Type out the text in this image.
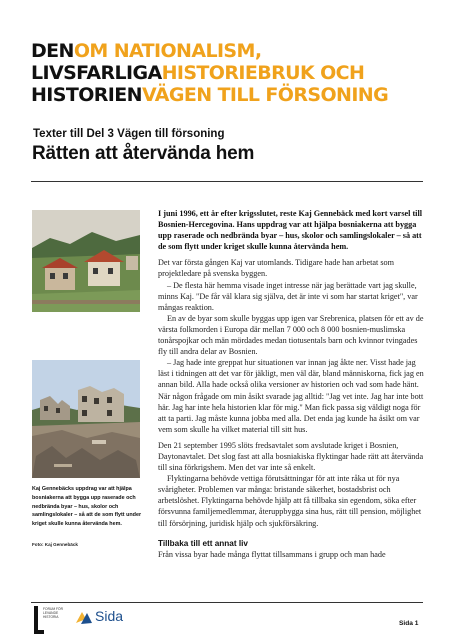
DENOM NATIONALISM,
LIVSFARLIGAHISTORIEBRUK OCH
HISTORIENVÄGEN TILL FÖRSONING
Texter till Del 3 Vägen till försoning
Rätten att återvända hem
Kaj Gennebäcks uppdrag var att hjälpa bosniakerna att bygga upp raserade och nedbrända byar – hus, skolor och samlingslokaler – så att de som flytt under kriget skulle kunna återvända hem.
Foto: Kaj Gennebäck

I juni 1996, ett år efter krigsslutet, reste Kaj Gennebäck med kort varsel till Bosnien-Hercegovina. Hans uppdrag var att hjälpa bosniakerna att bygga upp raserade och nedbrända byar – hus, skolor och samlingslokaler – så att de som flytt under kriget skulle kunna återvända hem.

Det var första gången Kaj var utomlands. Tidigare hade han arbetat som projektledare på svenska byggen.

– De flesta här hemma visade inget intresse när jag berättade vart jag skulle, minns Kaj. "De får väl klara sig själva, det är inte vi som har startat kriget", var mångas reaktion.

En av de byar som skulle byggas upp igen var Srebrenica, platsen för ett av de värsta folkmorden i Europa där mellan 7 000 och 8 000 bosnien-muslimska tonårspojkar och män mördades medan tiotusentals barn och kvinnor tvingades fly till andra delar av Bosnien.

– Jag hade inte greppat hur situationen var innan jag åkte ner. Visst hade jag läst i tidningen att det var för jäkligt, men väl där, bland människorna, fick jag en annan bild. Alla hade också olika versioner av historien och vad som hade hänt. När någon frågade om min åsikt svarade jag alltid: "Jag vet inte. Jag har inte bott här. Jag har inte hela historien klar för mig." Man fick passa sig väldigt noga för att ta parti. Jag måste kunna jobba med alla. Det enda jag kunde ha åsikt om var vem som skulle ha vilket material till sitt hus.

Den 21 september 1995 slöts fredsavtalet som avslutade kriget i Bosnien, Daytonavtalet. Det slog fast att alla bosniakiska flyktingar hade rätt att återvända till sina förkrigshem. Men det var inte så enkelt.

Flyktingarna behövde vettiga förutsättningar för att inte råka ut för nya svårigheter. Problemen var många: bristande säkerhet, bostadsbrist och arbetslöshet. Flyktingarna behövde hjälp att få tillbaka sin egendom, söka efter försvunna familjemedlemmar, återuppbygga sina hus, rätt till pension, möjlighet till försörjning, juridisk hjälp och sjukförsäkring.

Tillbaka till ett annat liv

Från vissa byar hade många flyttat tillsammans i grupp och man hade

FORUM FÖR
LEVANDE
HISTORIA	Sida	Sida 1
